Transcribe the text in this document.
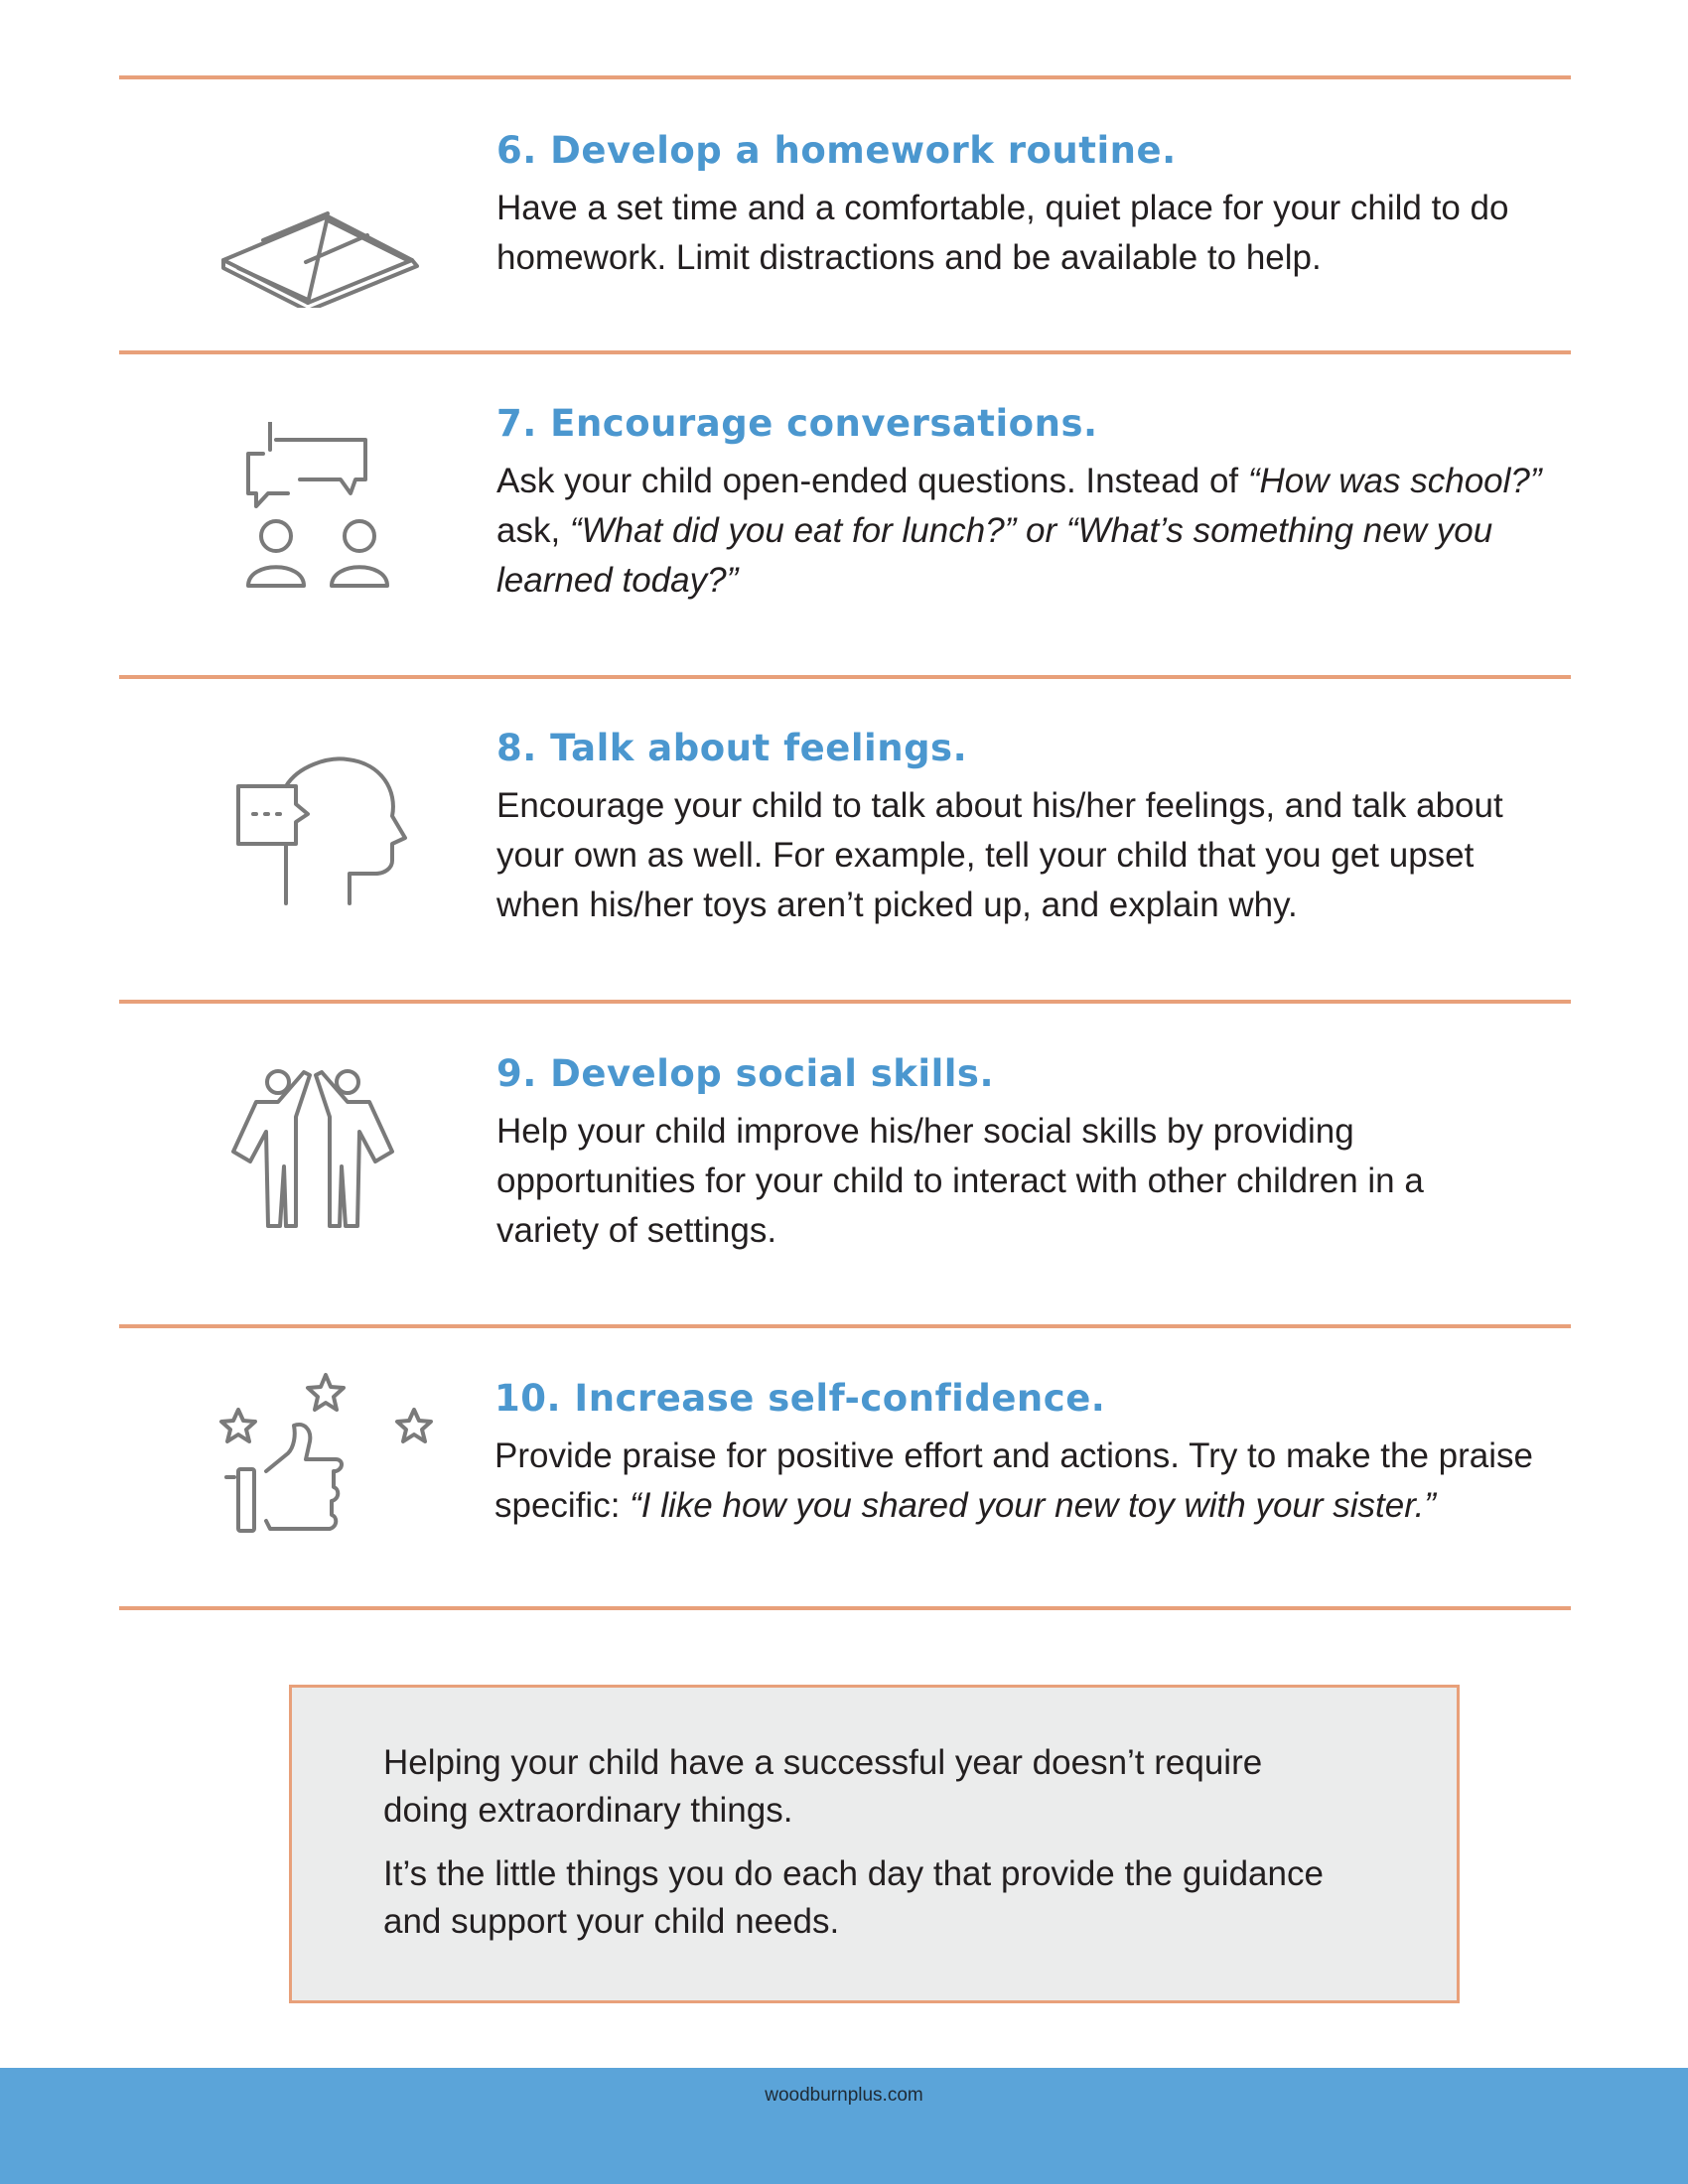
6. Develop a homework routine.

Have a set time and a comfortable, quiet place for your child to do homework. Limit distractions and be available to help.

7. Encourage conversations.

Ask your child open-ended questions. Instead of “How was school?” ask, “What did you eat for lunch?” or “What’s something new you learned today?”

8. Talk about feelings.

Encourage your child to talk about his/her feelings, and talk about your own as well. For example, tell your child that you get upset when his/her toys aren’t picked up, and explain why.

9. Develop social skills.

Help your child improve his/her social skills by providing opportunities for your child to interact with other children in a variety of settings.

10. Increase self-confidence.

Provide praise for positive effort and actions. Try to make the praise specific: “I like how you shared your new toy with your sister.”

Helping your child have a successful year doesn’t require doing extraordinary things.

It’s the little things you do each day that provide the guidance and support your child needs.

woodburnplus.com
